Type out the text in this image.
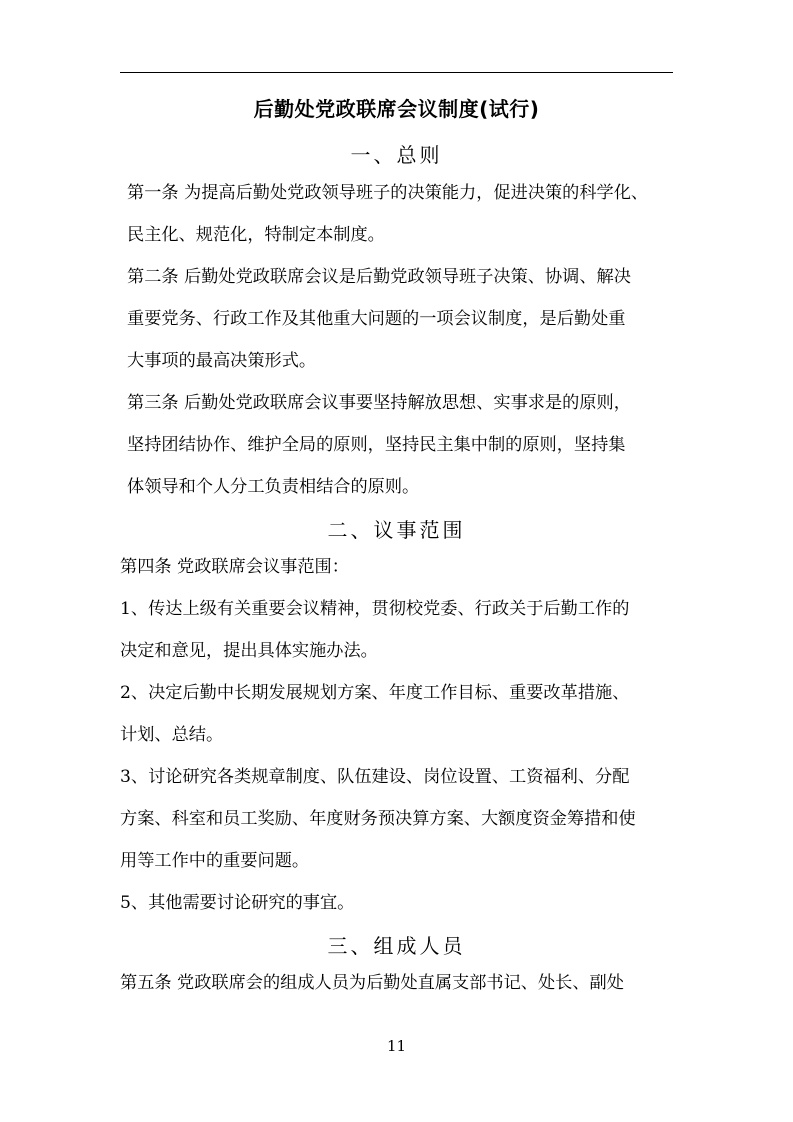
后勤处党政联席会议制度(试行)
一、总则
第一条 为提高后勤处党政领导班子的决策能力，促进决策的科学化、
民主化、规范化，特制定本制度。
第二条 后勤处党政联席会议是后勤党政领导班子决策、协调、解决
重要党务、行政工作及其他重大问题的一项会议制度，是后勤处重
大事项的最高决策形式。
第三条 后勤处党政联席会议事要坚持解放思想、实事求是的原则，
坚持团结协作、维护全局的原则，坚持民主集中制的原则，坚持集
体领导和个人分工负责相结合的原则。
二、议事范围
第四条 党政联席会议事范围：
1、传达上级有关重要会议精神，贯彻校党委、行政关于后勤工作的
决定和意见，提出具体实施办法。
2、决定后勤中长期发展规划方案、年度工作目标、重要改革措施、
计划、总结。
3、讨论研究各类规章制度、队伍建设、岗位设置、工资福利、分配
方案、科室和员工奖励、年度财务预决算方案、大额度资金筹措和使
用等工作中的重要问题。
5、其他需要讨论研究的事宜。
三、组成人员
第五条 党政联席会的组成人员为后勤处直属支部书记、处长、副处
11
